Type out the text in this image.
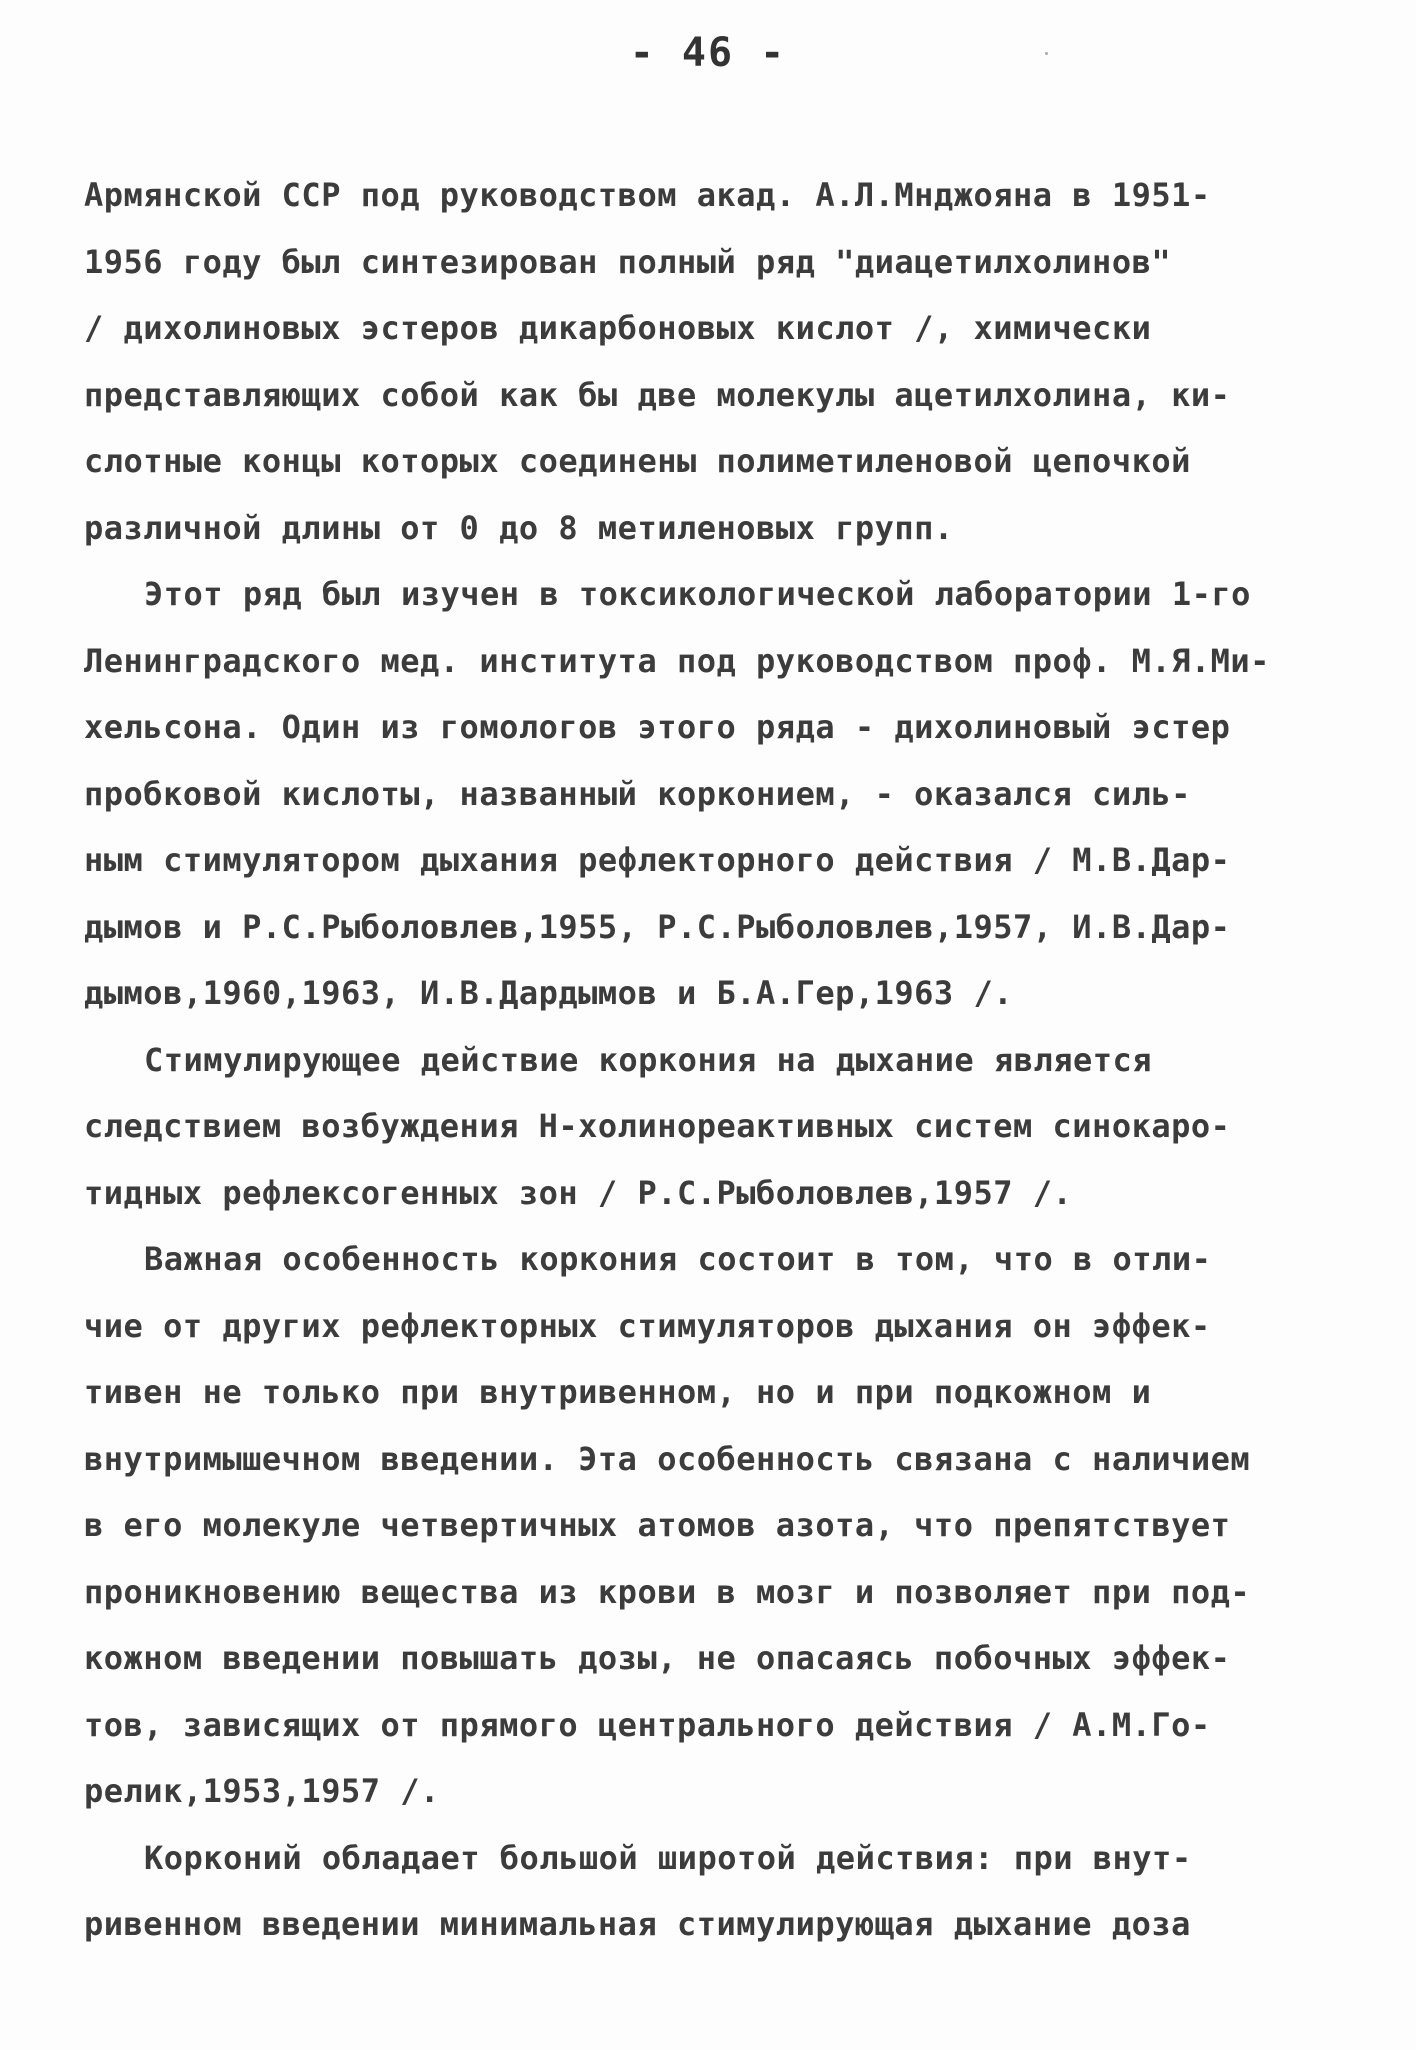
- 46 -
Армянской ССР под руководством акад. А.Л.Мнджояна в 1951-
1956 году был синтезирован полный ряд "диацетилхолинов"
/ дихолиновых эстеров дикарбоновых кислот /, химически
представляющих собой как бы две молекулы ацетилхолина, ки-
слотные концы которых соединены полиметиленовой цепочкой
различной длины от 0 до 8 метиленовых групп.
Этот ряд был изучен в токсикологической лаборатории 1-го
Ленинградского мед. института под руководством проф. М.Я.Ми-
хельсона. Один из гомологов этого ряда - дихолиновый эстер
пробковой кислоты, названный корконием, - оказался силь-
ным стимулятором дыхания рефлекторного действия / М.В.Дар-
дымов и Р.С.Рыболовлев,1955, Р.С.Рыболовлев,1957, И.В.Дар-
дымов,1960,1963, И.В.Дардымов и Б.А.Гер,1963 /.
Стимулирующее действие коркония на дыхание является
следствием возбуждения Н-холинореактивных систем синокаро-
тидных рефлексогенных зон / Р.С.Рыболовлев,1957 /.
Важная особенность коркония состоит в том, что в отли-
чие от других рефлекторных стимуляторов дыхания он эффек-
тивен не только при внутривенном, но и при подкожном и
внутримышечном введении. Эта особенность связана с наличием
в его молекуле четвертичных атомов азота, что препятствует
проникновению вещества из крови в мозг и позволяет при под-
кожном введении повышать дозы, не опасаясь побочных эффек-
тов, зависящих от прямого центрального действия / А.М.Го-
релик,1953,1957 /.
Корконий обладает большой широтой действия: при внут-
ривенном введении минимальная стимулирующая дыхание доза
